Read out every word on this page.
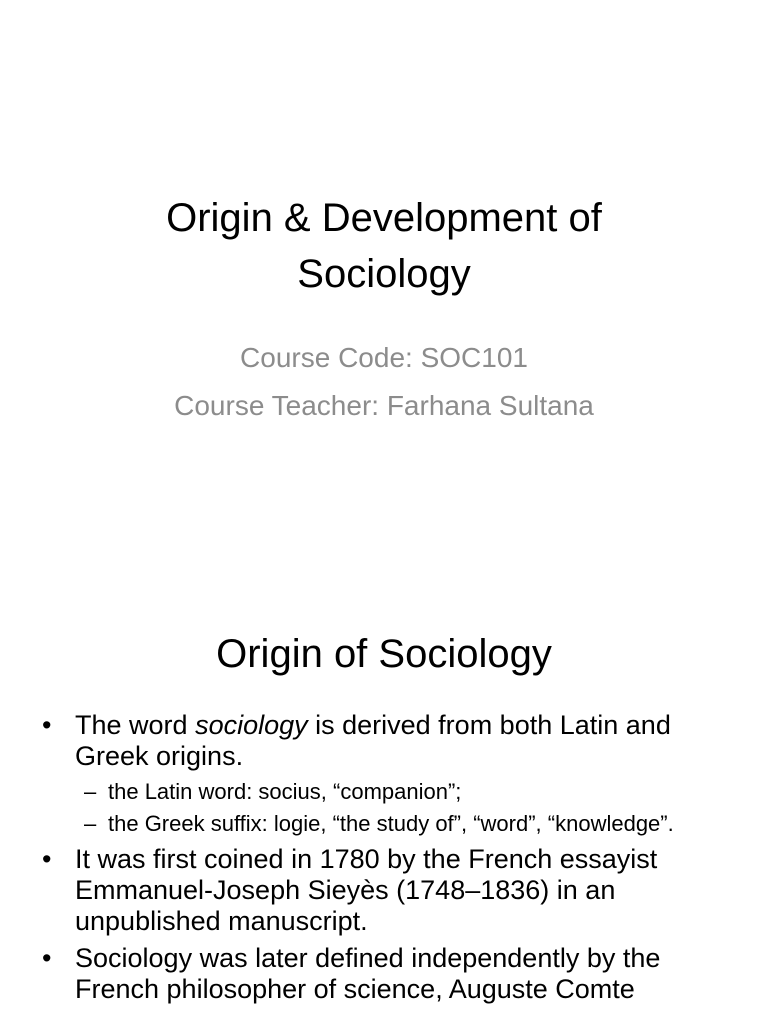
Origin & Development of
Sociology
Course Code: SOC101
Course Teacher: Farhana Sultana
Origin of Sociology
• The word sociology is derived from both Latin and Greek origins.
– the Latin word: socius, “companion”;
– the Greek suffix: logie, “the study of”, “word”, “knowledge”.
• It was first coined in 1780 by the French essayist Emmanuel-Joseph Sieyès (1748–1836) in an unpublished manuscript.
• Sociology was later defined independently by the French philosopher of science, Auguste Comte
